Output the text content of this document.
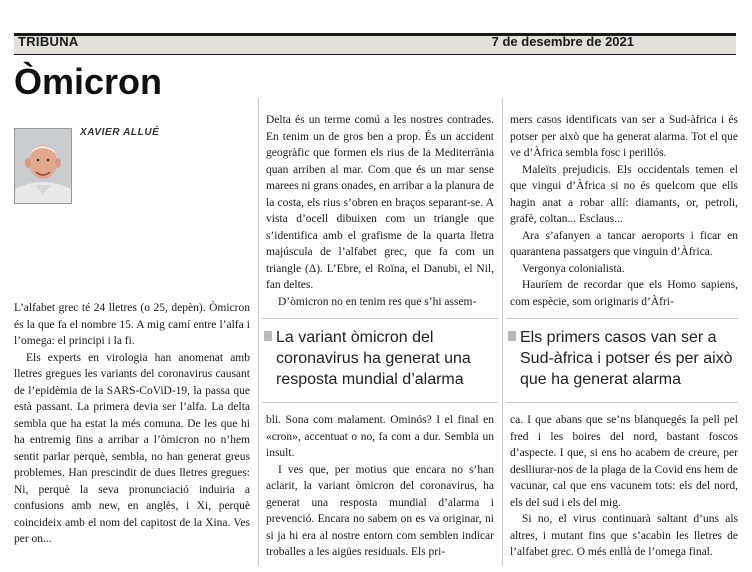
TRIBUNA	7 de desembre de 2021
Òmicron
XAVIER ALLUÉ

L’alfabet grec té 24 lletres (o 25, depèn). Òmicron és la que fa el nombre 15. A mig camí entre l’alfa i l’omega: el principi i la fi.

Els experts en virologia han anomenat amb lletres gregues les variants del coronavirus causant de l’epidèmia de la SARS-CoViD-19, la passa que està passant. La primera devia ser l’alfa. La delta sembla que ha estat la més comuna. De les que hi ha entremig fins a arribar a l’òmicron no n’hem sentit parlar perquè, sembla, no han generat greus problemes. Han prescindit de dues lletres gregues: Ni, perquè la seva pronunciació induiria a confusions amb new, en anglès, i Xi, perquè coincideix amb el nom del capitost de la Xina. Ves per on...

Delta és un terme comú a les nostres contrades. En tenim un de gros ben a prop. És un accident geogràfic que formen els rius de la Mediterrània quan arriben al mar. Com que és un mar sense marees ni grans onades, en arribar a la planura de la costa, els rius s’obren en braços separant-se. A vista d’ocell dibuixen com un triangle que s’identifica amb el grafisme de la quarta lletra majúscula de l’alfabet grec, que fa com un triangle (Δ). L’Ebre, el Roïna, el Danubi, el Nil, fan deltes.

D’òmicron no en tenim res que s’hi assem-

La variant òmicron del coronavirus ha generat una resposta mundial d’alarma

bli. Sona com malament. Ominós? I el final en «cron», accentuat o no, fa com a dur. Sembla un insult.

I ves que, per motius que encara no s’han aclarit, la variant òmicron del coronavirus, ha generat una resposta mundial d’alarma i prevenció. Encara no sabem on es va originar, ni si ja hi era al nostre entorn com semblen indicar troballes a les aigües residuals. Els pri-

mers casos identificats van ser a Sud-àfrica i és potser per això que ha generat alarma. Tot el que ve d’Àfrica sembla fosc i perillós.

Maleïts prejudicis. Els occidentals temen el que vingui d’Àfrica si no és quelcom que ells hagin anat a robar allí: diamants, or, petroli, grafè, coltan... Esclaus...

Ara s’afanyen a tancar aeroports i ficar en quarantena passatgers que vinguin d’Àfrica.

Vergonya colonialista.

Hauríem de recordar que els Homo sapiens, com espècie, som originaris d’Àfri-

Els primers casos van ser a Sud-àfrica i potser és per això que ha generat alarma

ca. I que abans que se’ns blanquegés la pell pel fred i les boires del nord, bastant foscos d’aspecte. I que, si ens ho acabem de creure, per deslliurar-nos de la plaga de la Covid ens hem de vacunar, cal que ens vacunem tots: els del nord, els del sud i els del mig.

Si no, el virus continuarà saltant d’uns als altres, i mutant fins que s’acabin les lletres de l’alfabet grec. O més enllà de l’omega final.
